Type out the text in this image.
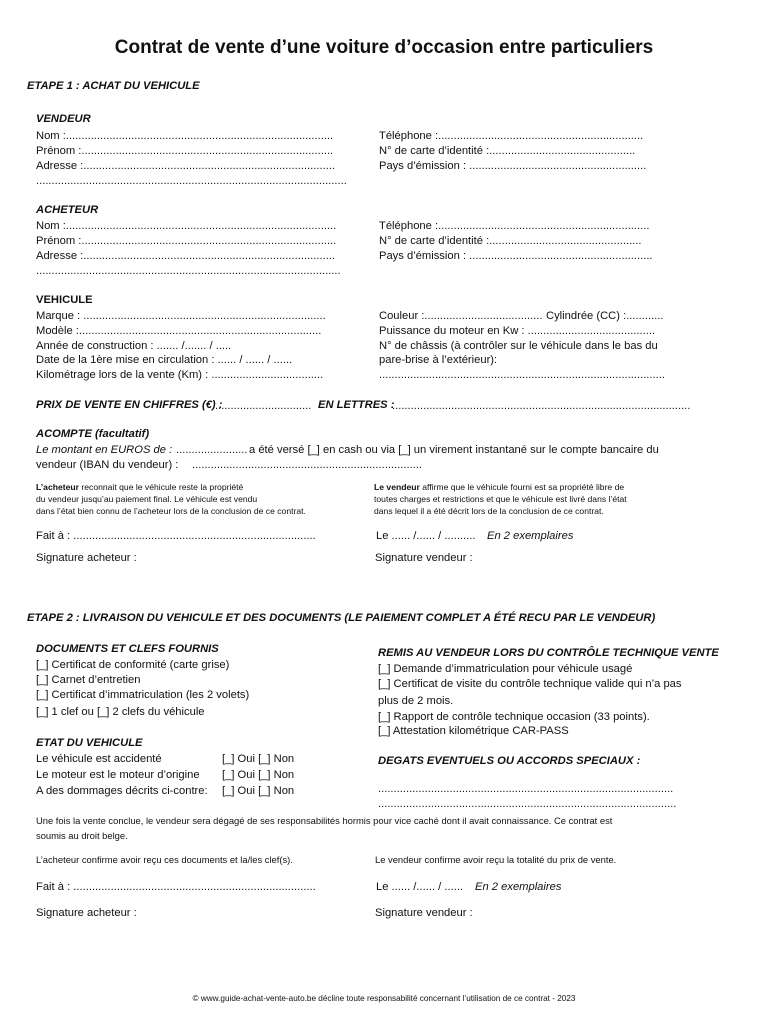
Contrat de vente d’une voiture d’occasion entre particuliers
ETAPE 1 : ACHAT DU VEHICULE
VENDEUR
Nom :......................................................................................
Prénom :.................................................................................
Adresse :.................................................................................
....................................................................................................
Téléphone :..................................................................
N° de carte d’identité :...............................................
Pays d’émission : .........................................................
ACHETEUR
Nom :.......................................................................................
Prénom :..................................................................................
Adresse :.................................................................................
..................................................................................................
Téléphone :....................................................................
N° de carte d’identité :.................................................
Pays d’émission : ...........................................................
VEHICULE
Marque : ..............................................................................
Modèle :..............................................................................
Année de construction : ....... /....... / .....
Date de la 1ère mise en circulation : ...... / ...... / ......
Kilométrage lors de la vente (Km) : ....................................
Couleur :...................................... Cylindrée (CC) :............
Puissance du moteur en Kw : .........................................
N° de châssis (à contrôler sur le véhicule dans le bas du
pare-brise à l’extérieur):
............................................................................................
PRIX DE VENTE EN CHIFFRES (€) :
............................... EN LETTRES :
................................................................................................
ACOMPTE (facultatif)
Le montant en EUROS de : ....................... a été versé [_] en cash ou via [_] un virement instantané sur le compte bancaire du
vendeur (IBAN du vendeur) : ..........................................................................
L’acheteur reconnait que le véhicule reste la propriété
du vendeur jusqu’au paiement final. Le véhicule est vendu
dans l’état bien connu de l’acheteur lors de la conclusion de ce contrat.
Le vendeur affirme que le véhicule fourni est sa propriété libre de
toutes charges et restrictions et que le véhicule est livré dans l’état
dans lequel il a été décrit lors de la conclusion de ce contrat.
Fait à : ..............................................................................	Le ...... /...... / .......... En 2 exemplaires
Signature acheteur :	Signature vendeur :
ETAPE 2 : LIVRAISON DU VEHICULE ET DES DOCUMENTS (LE PAIEMENT COMPLET A ÉTÉ RECU PAR LE VENDEUR)
DOCUMENTS ET CLEFS FOURNIS
[_] Certificat de conformité (carte grise)
[_] Carnet d’entretien
[_] Certificat d’immatriculation (les 2 volets)
[_] 1 clef ou [_] 2 clefs du véhicule
REMIS AU VENDEUR LORS DU CONTRÔLE TECHNIQUE VENTE
[_] Demande d’immatriculation pour véhicule usagé
[_] Certificat de visite du contrôle technique valide qui n’a pas
plus de 2 mois.
[_] Rapport de contrôle technique occasion (33 points).
[_] Attestation kilométrique CAR-PASS
ETAT DU VEHICULE
Le véhicule est accidenté	[_] Oui [_] Non
Le moteur est le moteur d’origine [_] Oui [_] Non
A des dommages décrits ci-contre: [_] Oui [_] Non
DEGATS EVENTUELS OU ACCORDS SPECIAUX :
...............................................................................................
................................................................................................
Une fois la vente conclue, le vendeur sera dégagé de ses responsabilités hormis pour vice caché dont il avait connaissance. Ce contrat est
soumis au droit belge.
L’acheteur confirme avoir reçu ces documents et la/les clef(s).	Le vendeur confirme avoir reçu la totalité du prix de vente.
Fait à : ..............................................................................	Le ...... /...... / ...... En 2 exemplaires
Signature acheteur :	Signature vendeur :
© www.guide-achat-vente-auto.be décline toute responsabilité concernant l’utilisation de ce contrat - 2023
